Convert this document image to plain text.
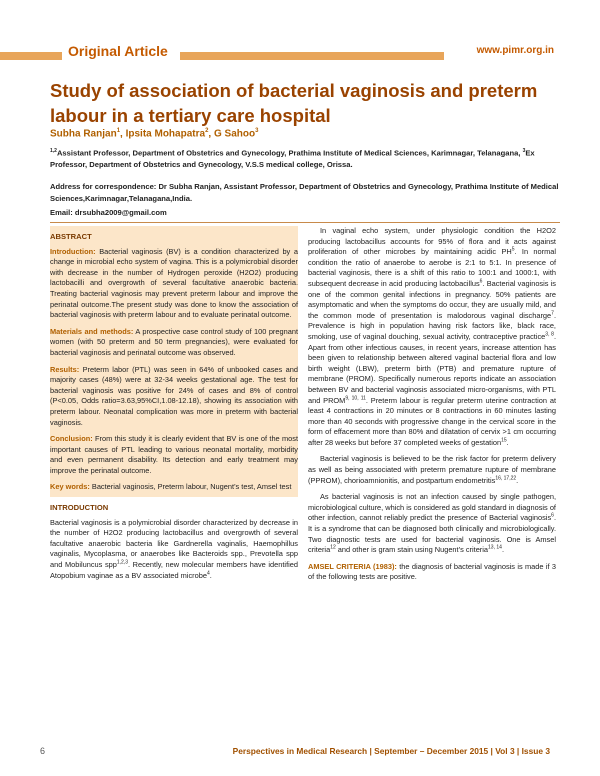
Original Article	www.pimr.org.in
Study of association of bacterial vaginosis and preterm labour in a tertiary care hospital
Subha Ranjan$^1$, Ipsita Mohapatra$^2$, G Sahoo$^3$
$^{1,2}$Assistant Professor, Department of Obstetrics and Gynecology, Prathima Institute of Medical Sciences, Karimnagar, Telanagana, $^3$Ex Professor, Department of Obstetrics and Gynecology, V.S.S medical college, Orissa.
Address for correspondence: Dr Subha Ranjan, Assistant Professor, Department of Obstetrics and Gynecology, Prathima Institute of Medical Sciences,Karimnagar,Telanagana,India.
Email: drsubha2009@gmail.com
ABSTRACT

Introduction: Bacterial vaginosis (BV) is a condition characterized by a change in microbial echo system of vagina. This is a polymicrobial disorder with decrease in the number of Hydrogen peroxide (H2O2) producing lactobacilli and overgrowth of several facultative anaerobic bacteria. Treating bacterial vaginosis may prevent preterm labour and improve the perinatal outcome.The present study was done to know the association of bacterial vaginosis with preterm labour and to evaluate perinatal outcome.

Materials and methods: A prospective case control study of 100 pregnant women (with 50 preterm and 50 term pregnancies), were evaluated for bacterial vaginosis and perinatal outcome was observed.

Results: Preterm labor (PTL) was seen in 64% of unbooked cases and majority cases (48%) were at 32-34 weeks gestational age. The test for bacterial vaginosis was positive for 24% of cases and 8% of control (P<0.05, Odds ratio=3.63,95%CI,1.08-12.18), showing its association with preterm labour. Neonatal complication was more in preterm with bacterial vaginosis.

Conclusion: From this study it is clearly evident that BV is one of the most important causes of PTL leading to various neonatal mortality, morbidity and even permanent disability. Its detection and early treatment may improve the perinatal outcome.

Key words: Bacterial vaginosis, Preterm labour, Nugent’s test, Amsel test

INTRODUCTION

Bacterial vaginosis is a polymicrobial disorder characterized by decrease in the number of H2O2 producing lactobacillus and overgrowth of several facultative anaerobic bacteria like Gardnerella vaginalis, Haemophillus vaginalis, Mycoplasma, or anaerobes like Bacteroids spp., Prevotella spp and Mobiluncus spp$^{1,2,3}$. Recently, new molecular members have identified Atopobium vaginae as a BV associated microbe$^4$.

In vaginal echo system, under physiologic condition the H2O2 producing lactobacillus accounts for 95% of flora and it acts against proliferation of other microbes by maintaining acidic $PH^5$. In normal condition the ratio of anaerobe to aerobe is 2:1 to 5:1. In presence of bacterial vaginosis, there is a shift of this ratio to 100:1 and 1000:1, with subsequent decrease in acid producing lactobacillus$^6$. Bacterial vaginosis is one of the common genital infections in pregnancy. 50% patients are asymptomatic and when the symptoms do occur, they are usually mild, and the common mode of presentation is malodorous vaginal discharge$^7$. Prevalence is high in population having risk factors like, black race, smoking, use of vaginal douching, sexual activity, contraceptive practice$^{3, 8}$. Apart from other infectious causes, in recent years, increase attention has been given to relationship between altered vaginal bacterial flora and low birth weight (LBW), preterm birth (PTB) and premature rupture of membrane (PROM). Specifically numerous reports indicate an association between BV and bacterial vaginosis associated micro-organisms, with PTL and PROM$^{9, 10, 11}$. Preterm labour is regular preterm uterine contraction at least 4 contractions in 20 minutes or 8 contractions in 60 minutes lasting more than 40 seconds with progressive change in the cervical score in the form of effacement more than 80% and dilatation of cervix >1 cm occurring after 28 weeks but before 37 completed weeks of gestation$^{15}$.

Bacterial vaginosis is believed to be the risk factor for preterm delivery as well as being associated with preterm premature rupture of membrane (PPROM), chorioamnionitis, and postpartum endometritis$^{16, 17,22}$.

As bacterial vaginosis is not an infection caused by single pathogen, microbiological culture, which is considered as gold standard in diagnosis of other infection, cannot reliably predict the presence of Bacterial vaginosis$^6$. It is a syndrome that can be diagnosed both clinically and microbiologically. Two diagnostic tests are used for bacterial vaginosis. One is Amsel criteria$^{12}$ and other is gram stain using Nugent’s criteria$^{13, 14}$.

AMSEL CRITERIA (1983): the diagnosis of bacterial vaginosis is made if 3 of the following tests are positive.

6	Perspectives in Medical Research | September – December 2015 | Vol 3 | Issue 3
